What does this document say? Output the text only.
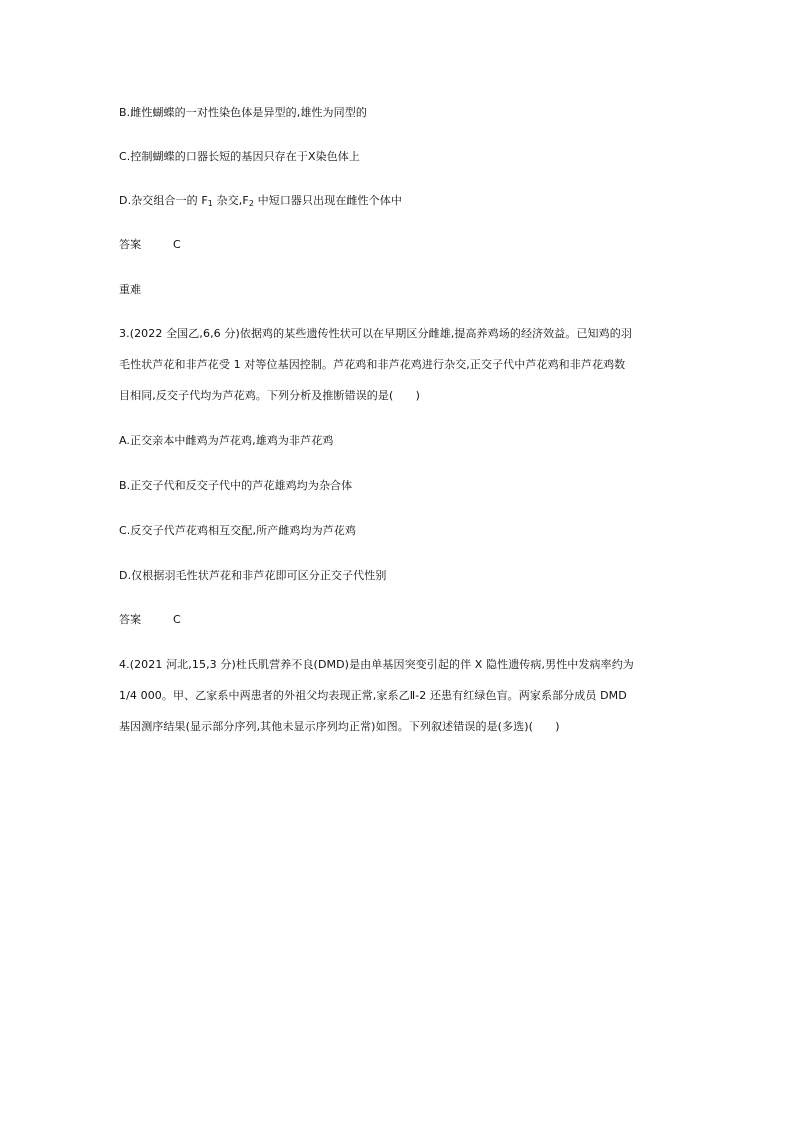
B.雌性蝴蝶的一对性染色体是异型的,雄性为同型的
C.控制蝴蝶的口器长短的基因只存在于Ⅹ染色体上
D.杂交组合一的 $F_1$ 杂交$,F_2$ 中短口器只出现在雌性个体中
答案	C
重难
3.(2022 全国乙,6,6 分)依据鸡的某些遗传性状可以在早期区分雌雄,提高养鸡场的经济效益。已知鸡的羽
毛性状芦花和非芦花受 1 对等位基因控制。芦花鸡和非芦花鸡进行杂交,正交子代中芦花鸡和非芦花鸡数
目相同,反交子代均为芦花鸡。下列分析及推断错误的是(　　)
A.正交亲本中雌鸡为芦花鸡,雄鸡为非芦花鸡
B.正交子代和反交子代中的芦花雄鸡均为杂合体
C.反交子代芦花鸡相互交配,所产雌鸡均为芦花鸡
D.仅根据羽毛性状芦花和非芦花即可区分正交子代性别
答案	C
4.(2021 河北,15,3 分)杜氏肌营养不良(DMD)是由单基因突变引起的伴 X 隐性遗传病,男性中发病率约为
1/4 000。甲、乙家系中两患者的外祖父均表现正常,家系乙Ⅱ-2 还患有红绿色盲。两家系部分成员 DMD
基因测序结果(显示部分序列,其他未显示序列均正常)如图。下列叙述错误的是(多选)(　　)
